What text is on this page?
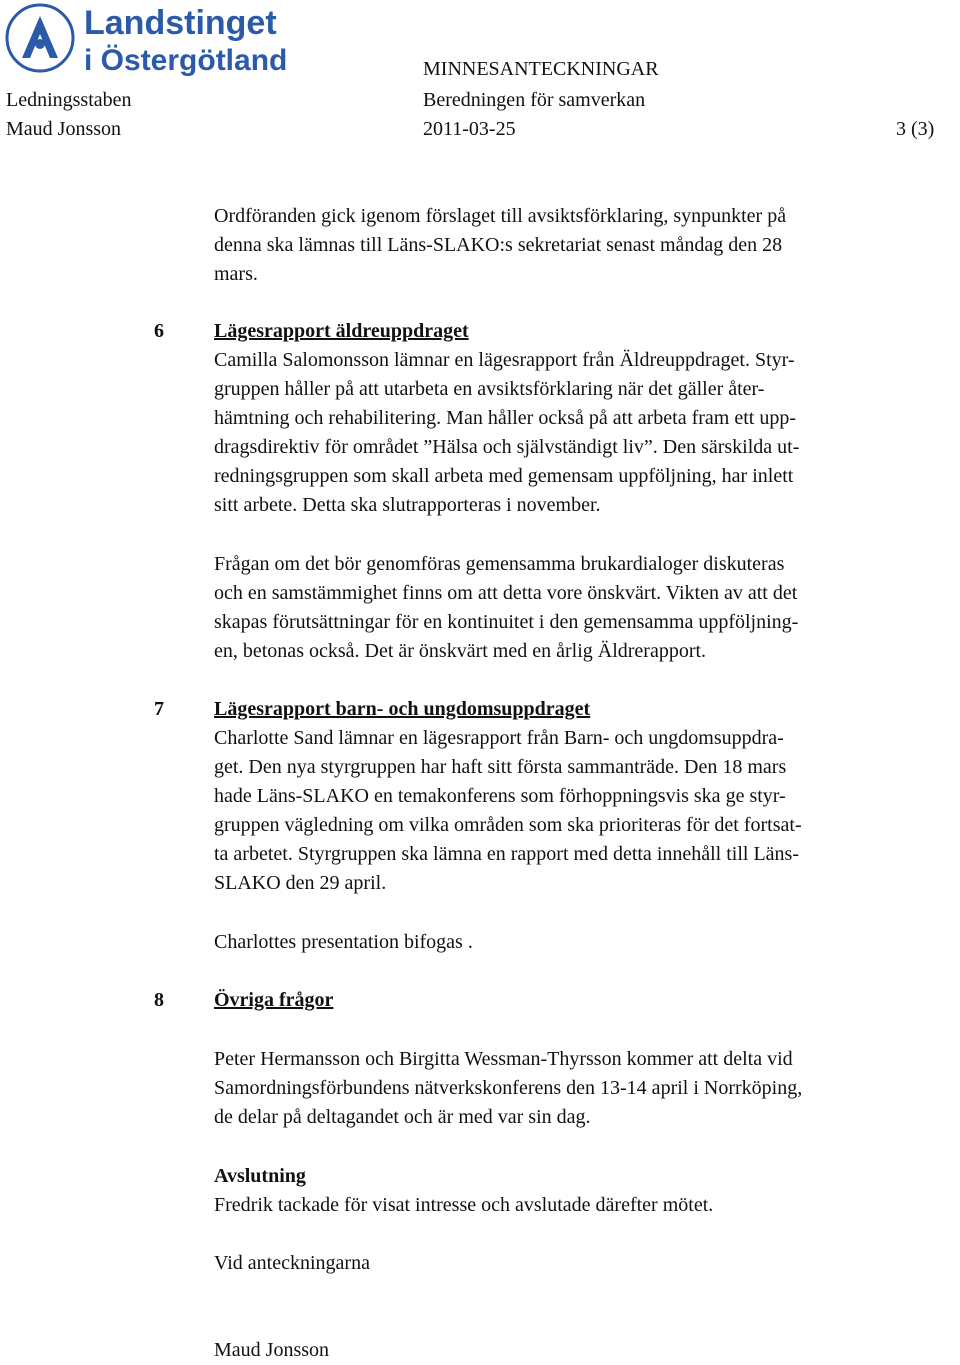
Landstinget
i Östergötland	MINNESANTECKNINGAR
Ledningsstaben	Beredningen för samverkan
Maud Jonsson	2011-03-25	3 (3)
Ordföranden gick igenom förslaget till avsiktsförklaring, synpunkter på
denna ska lämnas till Läns-SLAKO:s sekretariat senast måndag den 28
mars.
6	Lägesrapport äldreuppdraget
Camilla Salomonsson lämnar en lägesrapport från Äldreuppdraget. Styr-
gruppen håller på att utarbeta en avsiktsförklaring när det gäller åter-
hämtning och rehabilitering. Man håller också på att arbeta fram ett upp-
dragsdirektiv för området ”Hälsa och självständigt liv”. Den särskilda ut-
redningsgruppen som skall arbeta med gemensam uppföljning, har inlett
sitt arbete. Detta ska slutrapporteras i november.
Frågan om det bör genomföras gemensamma brukardialoger diskuteras
och en samstämmighet finns om att detta vore önskvärt. Vikten av att det
skapas förutsättningar för en kontinuitet i den gemensamma uppföljning-
en, betonas också. Det är önskvärt med en årlig Äldrerapport.
7	Lägesrapport barn- och ungdomsuppdraget
Charlotte Sand lämnar en lägesrapport från Barn- och ungdomsuppdra-
get. Den nya styrgruppen har haft sitt första sammanträde. Den 18 mars
hade Läns-SLAKO en temakonferens som förhoppningsvis ska ge styr-
gruppen vägledning om vilka områden som ska prioriteras för det fortsat-
ta arbetet. Styrgruppen ska lämna en rapport med detta innehåll till Läns-
SLAKO den 29 april.
Charlottes presentation bifogas .
8	Övriga frågor
Peter Hermansson och Birgitta Wessman-Thyrsson kommer att delta vid
Samordningsförbundens nätverkskonferens den 13-14 april i Norrköping,
de delar på deltagandet och är med var sin dag.
Avslutning
Fredrik tackade för visat intresse och avslutade därefter mötet.
Vid anteckningarna
Maud Jonsson
